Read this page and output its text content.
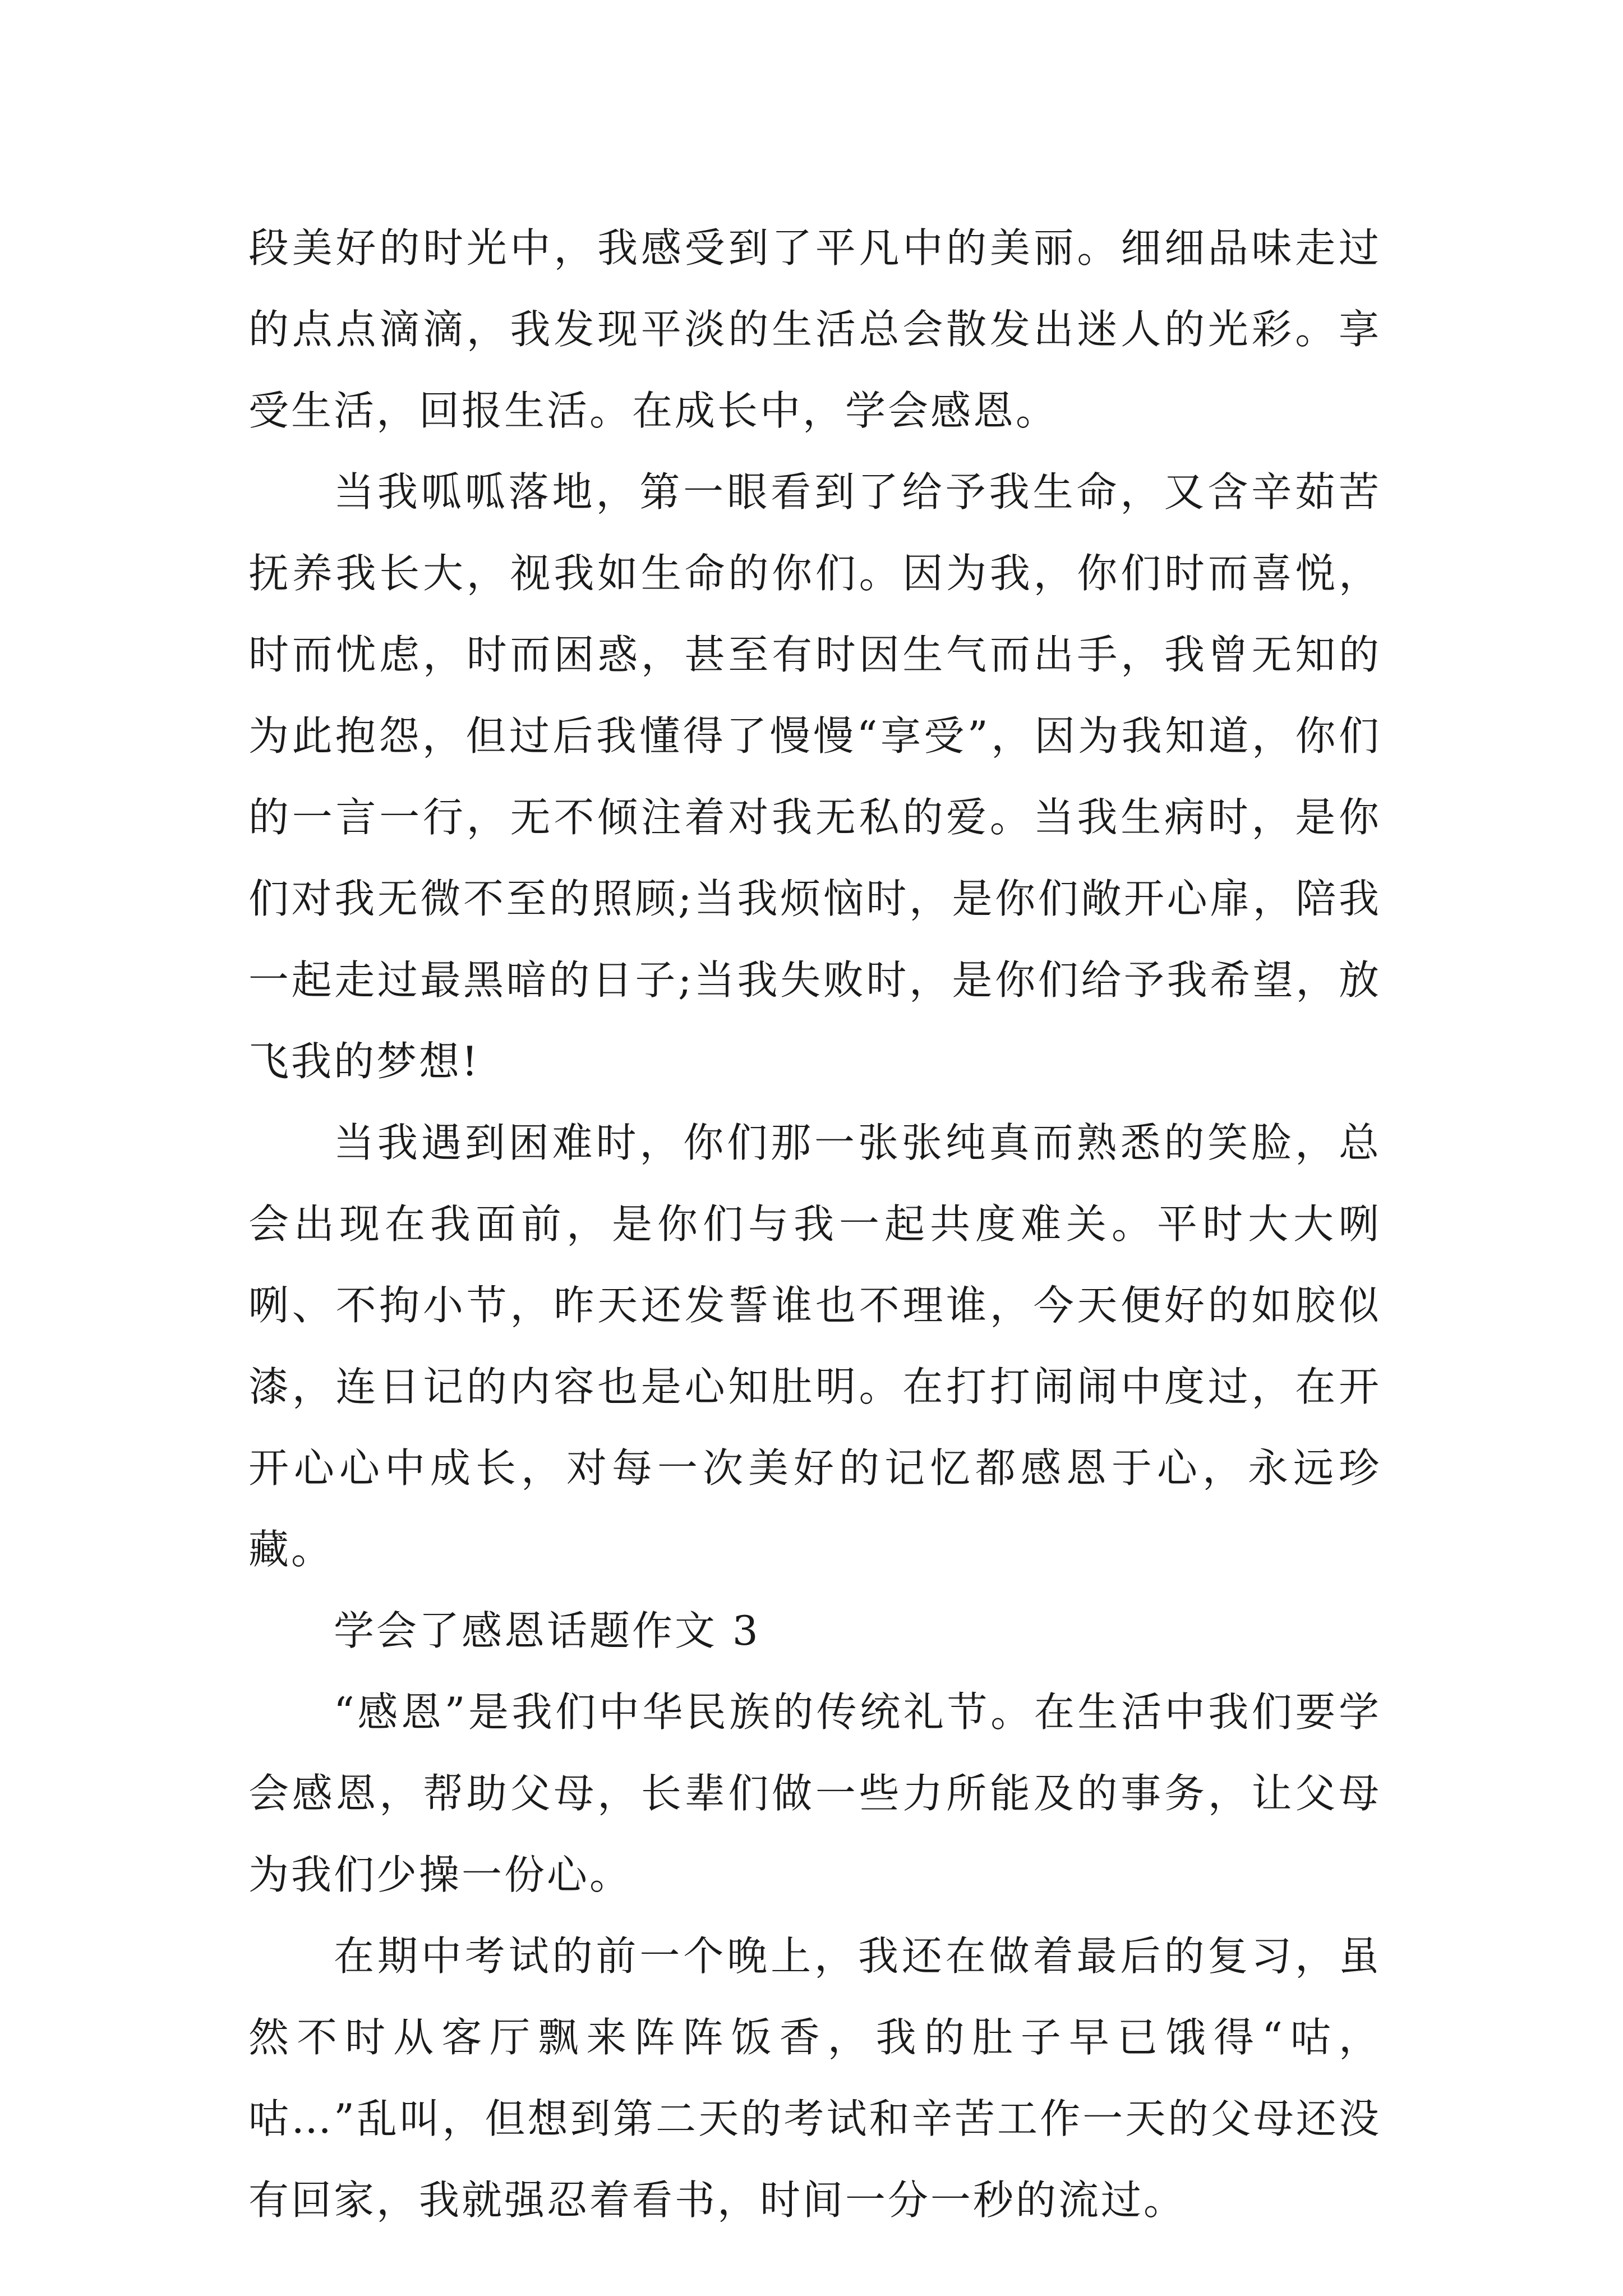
段美好的时光中，我感受到了平凡中的美丽。细细品味走过的点点滴滴，我发现平淡的生活总会散发出迷人的光彩。享受生活，回报生活。在成长中，学会感恩。

当我呱呱落地，第一眼看到了给予我生命，又含辛茹苦抚养我长大，视我如生命的你们。因为我，你们时而喜悦，时而忧虑，时而困惑，甚至有时因生气而出手，我曾无知的为此抱怨，但过后我懂得了慢慢“享受”，因为我知道，你们的一言一行，无不倾注着对我无私的爱。当我生病时，是你们对我无微不至的照顾;当我烦恼时，是你们敞开心扉，陪我一起走过最黑暗的日子;当我失败时，是你们给予我希望，放飞我的梦想!

当我遇到困难时，你们那一张张纯真而熟悉的笑脸，总会出现在我面前，是你们与我一起共度难关。平时大大咧咧、不拘小节，昨天还发誓谁也不理谁，今天便好的如胶似漆，连日记的内容也是心知肚明。在打打闹闹中度过，在开开心心中成长，对每一次美好的记忆都感恩于心，永远珍藏。

学会了感恩话题作文 3

“感恩”是我们中华民族的传统礼节。在生活中我们要学会感恩，帮助父母，长辈们做一些力所能及的事务，让父母为我们少操一份心。

在期中考试的前一个晚上，我还在做着最后的复习，虽然不时从客厅飘来阵阵饭香，我的肚子早已饿得“咕，咕…”乱叫，但想到第二天的考试和辛苦工作一天的父母还没有回家，我就强忍着看书，时间一分一秒的流过。
